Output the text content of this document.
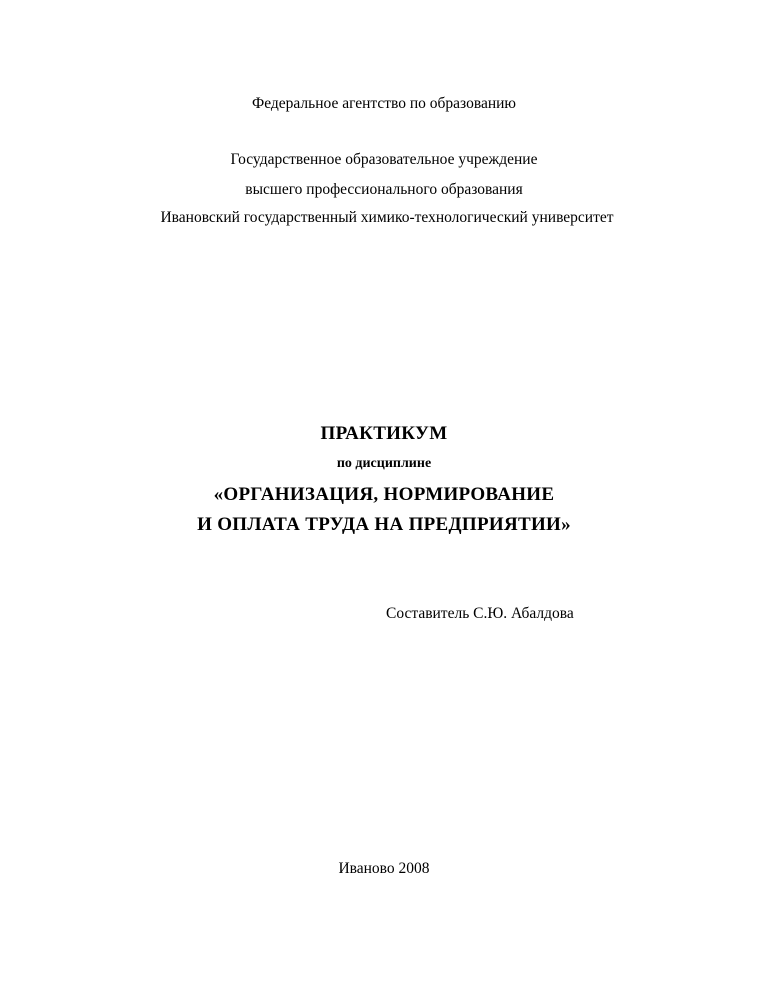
Федеральное агентство по образованию
Государственное образовательное учреждение
высшего профессионального образования
Ивановский государственный химико-технологический университет
ПРАКТИКУМ
по дисциплине
«ОРГАНИЗАЦИЯ, НОРМИРОВАНИЕ
И ОПЛАТА ТРУДА НА ПРЕДПРИЯТИИ»
Составитель С.Ю. Абалдова
Иваново 2008
